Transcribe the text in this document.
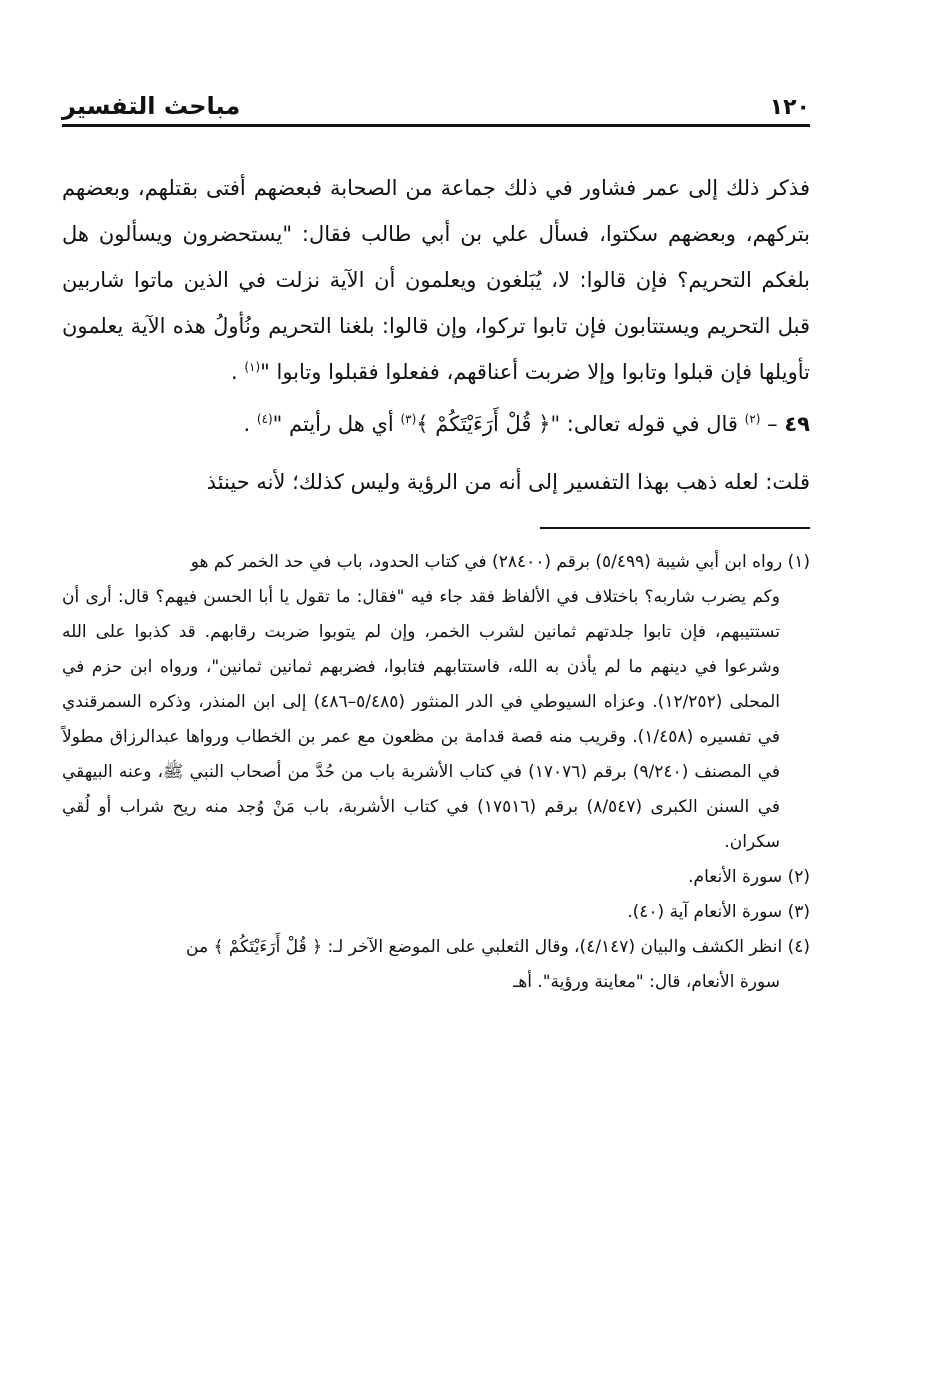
١٢٠
مباحث التفسير

فذكر ذلك إلى عمر فشاور في ذلك جماعة من الصحابة فبعضهم أفتى بقتلهم، وبعضهم بتركهم، وبعضهم سكتوا، فسأل علي بن أبي طالب فقال: "يستحضرون ويسألون هل بلغكم التحريم؟ فإن قالوا: لا، يُبَلغون ويعلمون أن الآية نزلت في الذين ماتوا شاربين قبل التحريم ويستتابون فإن تابوا تركوا، وإن قالوا: بلغنا التحريم ونُأولُ هذه الآية يعلمون تأويلها فإن قبلوا وتابوا وإلا ضربت أعناقهم، ففعلوا فقبلوا وتابوا "$^{(١)}$ .

٤٩ – $^{(٢)}$ قال في قوله تعالى: "﴿ قُلْ أَرَءَيْتَكُمْ ﴾$^{(٣)}$ أي هل رأيتم "$^{(٤)}$ .

قلت: لعله ذهب بهذا التفسير إلى أنه من الرؤية وليس كذلك؛ لأنه حينئذ

(١) رواه ابن أبي شيبة (٥/٤٩٩) برقم (٢٨٤٠٠) في كتاب الحدود، باب في حد الخمر كم هو

وكم يضرب شاربه؟ باختلاف في الألفاظ فقد جاء فيه "فقال: ما تقول يا أبا الحسن فيهم؟ قال: أرى أن تستتيبهم، فإن تابوا جلدتهم ثمانين لشرب الخمر، وإن لم يتوبوا ضربت رقابهم. قد كذبوا على الله وشرعوا في دينهم ما لم يأذن به الله، فاستتابهم فتابوا، فضربهم ثمانين ثمانين"، ورواه ابن حزم في المحلى (١٢/٢٥٢). وعزاه السيوطي في الدر المنثور (٥/٤٨٥–٤٨٦) إلى ابن المنذر، وذكره السمرقندي في تفسيره (١/٤٥٨). وقريب منه قصة قدامة بن مظعون مع عمر بن الخطاب ورواها عبدالرزاق مطولاً في المصنف (٩/٢٤٠) برقم (١٧٠٧٦) في كتاب الأشربة باب من حُدَّ من أصحاب النبي ﷺ، وعنه البيهقي في السنن الكبرى (٨/٥٤٧) برقم (١٧٥١٦) في كتاب الأشربة، باب مَنْ وُجد منه ريح شراب أو لُقي سكران.

(٢) سورة الأنعام.

(٣) سورة الأنعام آية (٤٠).

(٤) انظر الكشف والبيان (٤/١٤٧)، وقال الثعلبي على الموضع الآخر لـ: ﴿ قُلْ أَرَءَيْتَكُمْ ﴾ من

سورة الأنعام، قال: "معاينة ورؤية". أهـ
